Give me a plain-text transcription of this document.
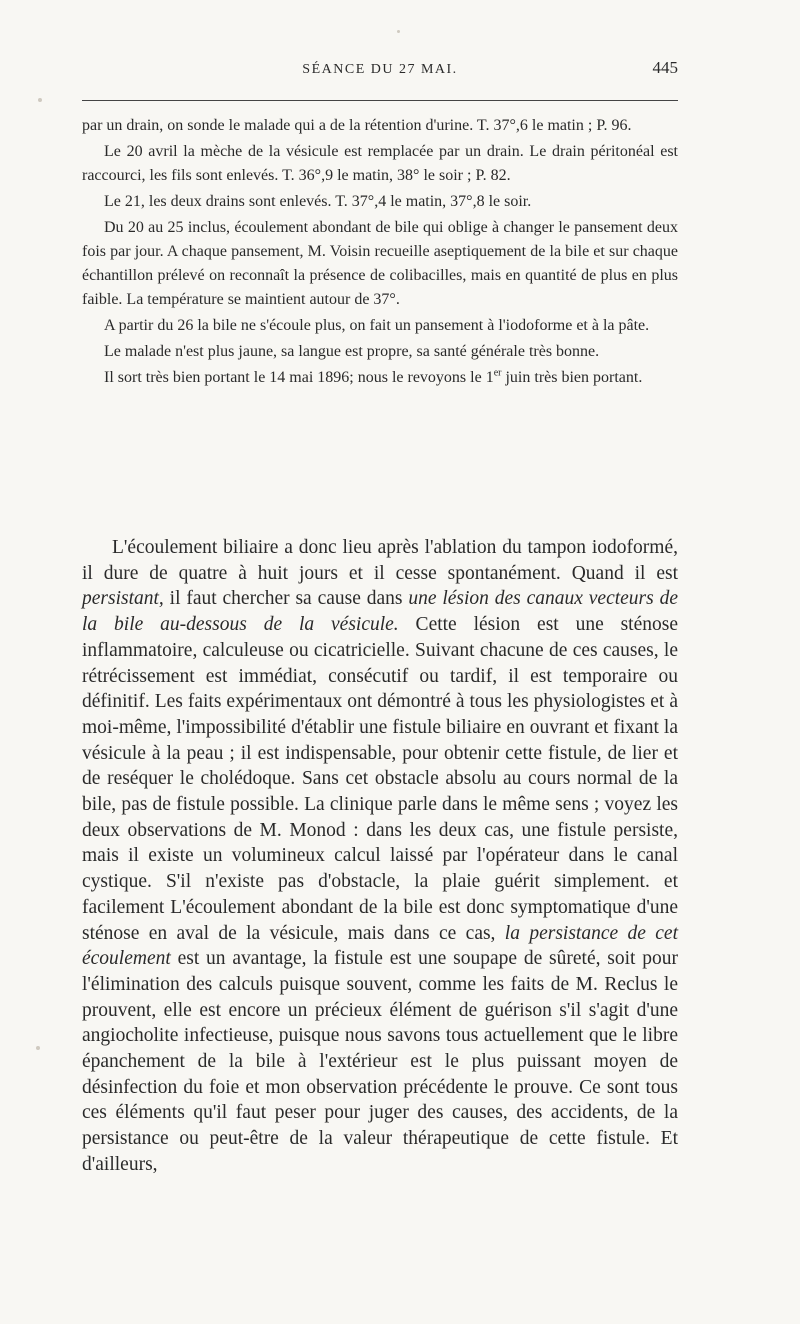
SÉANCE DU 27 MAI.	445

par un drain, on sonde le malade qui a de la rétention d'urine. T. 37°,6 le matin ; P. 96.

Le 20 avril la mèche de la vésicule est remplacée par un drain. Le drain péritonéal est raccourci, les fils sont enlevés. T. 36°,9 le matin, 38° le soir ; P. 82.

Le 21, les deux drains sont enlevés. T. 37°,4 le matin, 37°,8 le soir.

Du 20 au 25 inclus, écoulement abondant de bile qui oblige à changer le pansement deux fois par jour. A chaque pansement, M. Voisin recueille aseptiquement de la bile et sur chaque échantillon prélevé on reconnaît la présence de colibacilles, mais en quantité de plus en plus faible. La température se maintient autour de 37°.

A partir du 26 la bile ne s'écoule plus, on fait un pansement à l'iodoforme et à la pâte.

Le malade n'est plus jaune, sa langue est propre, sa santé générale très bonne.

Il sort très bien portant le 14 mai 1896; nous le revoyons le 1er juin très bien portant.

L'écoulement biliaire a donc lieu après l'ablation du tampon iodoformé, il dure de quatre à huit jours et il cesse spontanément. Quand il est persistant, il faut chercher sa cause dans une lésion des canaux vecteurs de la bile au-dessous de la vésicule. Cette lésion est une sténose inflammatoire, calculeuse ou cicatricielle. Suivant chacune de ces causes, le rétrécissement est immédiat, consécutif ou tardif, il est temporaire ou définitif. Les faits expérimentaux ont démontré à tous les physiologistes et à moi-même, l'impossibilité d'établir une fistule biliaire en ouvrant et fixant la vésicule à la peau ; il est indispensable, pour obtenir cette fistule, de lier et de reséquer le cholédoque. Sans cet obstacle absolu au cours normal de la bile, pas de fistule possible. La clinique parle dans le même sens ; voyez les deux observations de M. Monod : dans les deux cas, une fistule persiste, mais il existe un volumineux calcul laissé par l'opérateur dans le canal cystique. S'il n'existe pas d'obstacle, la plaie guérit simplement. et facilement L'écoulement abondant de la bile est donc symptomatique d'une sténose en aval de la vésicule, mais dans ce cas, la persistance de cet écoulement est un avantage, la fistule est une soupape de sûreté, soit pour l'élimination des calculs puisque souvent, comme les faits de M. Reclus le prouvent, elle est encore un précieux élément de guérison s'il s'agit d'une angiocholite infectieuse, puisque nous savons tous actuellement que le libre épanchement de la bile à l'extérieur est le plus puissant moyen de désinfection du foie et mon observation précédente le prouve. Ce sont tous ces éléments qu'il faut peser pour juger des causes, des accidents, de la persistance ou peut-être de la valeur thérapeutique de cette fistule. Et d'ailleurs,
